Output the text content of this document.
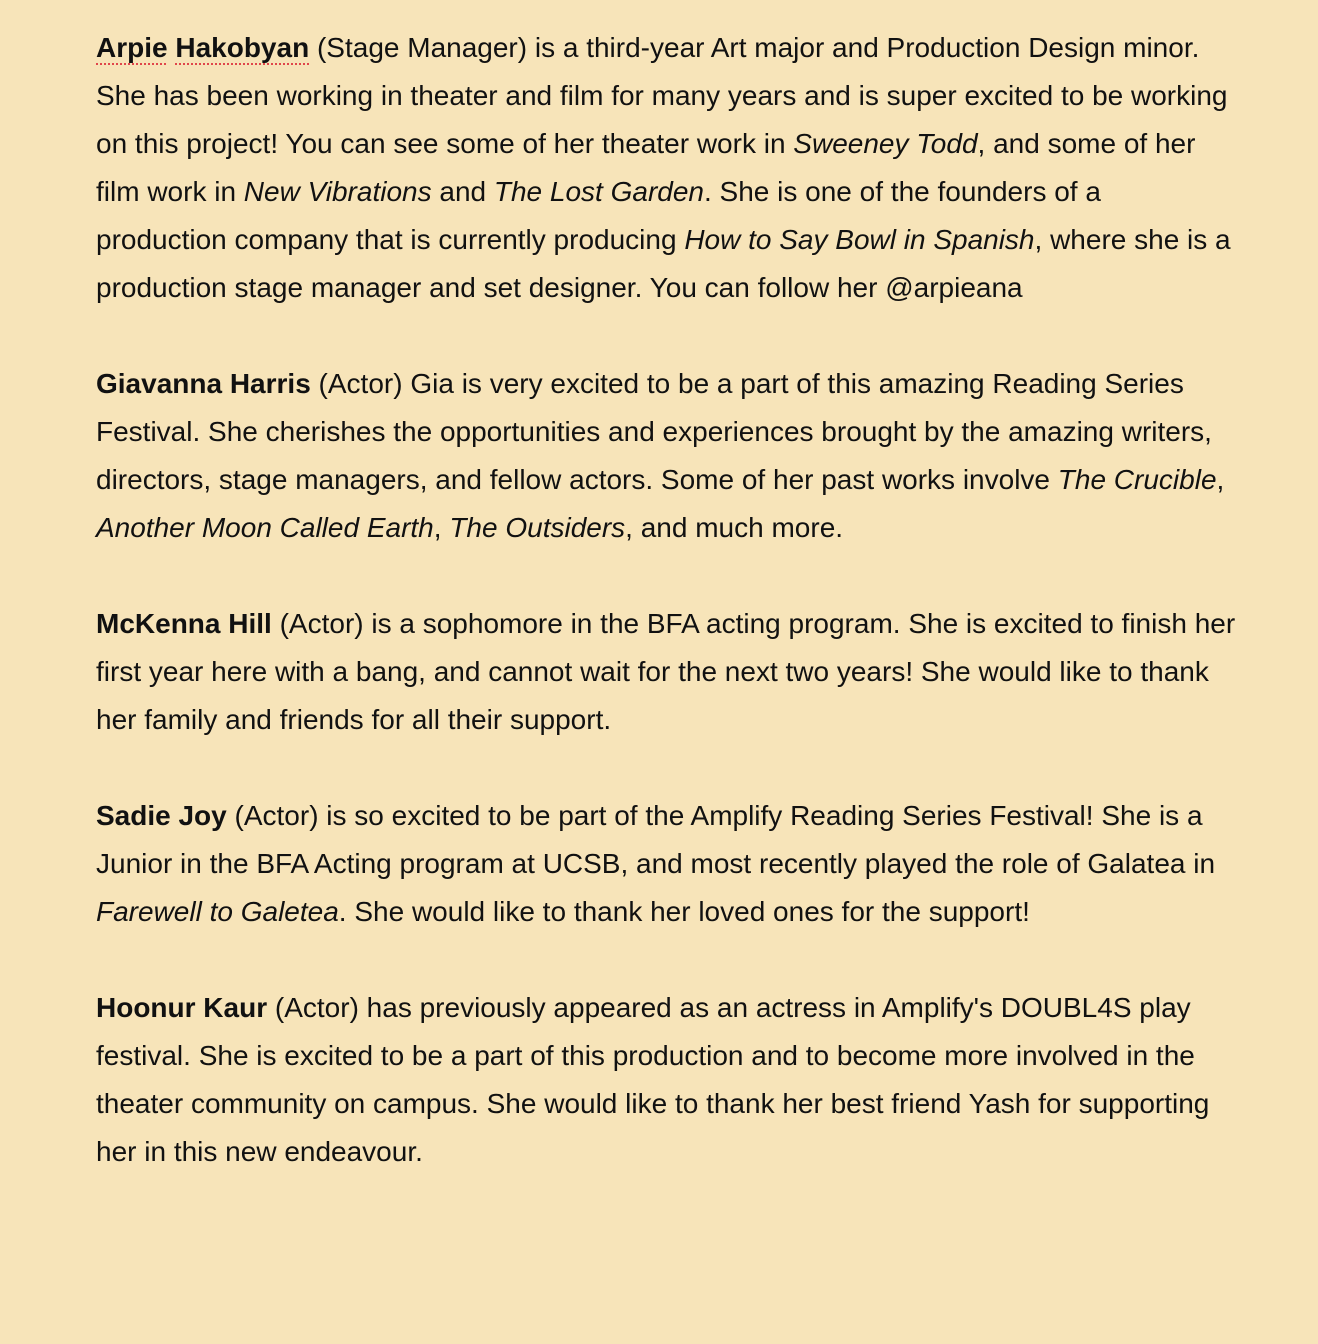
Arpie Hakobyan (Stage Manager) is a third-year Art major and Production Design minor. She has been working in theater and film for many years and is super excited to be working on this project! You can see some of her theater work in Sweeney Todd, and some of her film work in New Vibrations and The Lost Garden. She is one of the founders of a production company that is currently producing How to Say Bowl in Spanish, where she is a production stage manager and set designer. You can follow her @arpieana

Giavanna Harris (Actor) Gia is very excited to be a part of this amazing Reading Series Festival. She cherishes the opportunities and experiences brought by the amazing writers, directors, stage managers, and fellow actors. Some of her past works involve The Crucible, Another Moon Called Earth, The Outsiders, and much more.

McKenna Hill (Actor) is a sophomore in the BFA acting program. She is excited to finish her first year here with a bang, and cannot wait for the next two years! She would like to thank her family and friends for all their support.

Sadie Joy (Actor) is so excited to be part of the Amplify Reading Series Festival! She is a Junior in the BFA Acting program at UCSB, and most recently played the role of Galatea in Farewell to Galetea. She would like to thank her loved ones for the support!

Hoonur Kaur (Actor) has previously appeared as an actress in Amplify's DOUBL4S play festival. She is excited to be a part of this production and to become more involved in the theater community on campus. She would like to thank her best friend Yash for supporting her in this new endeavour.
